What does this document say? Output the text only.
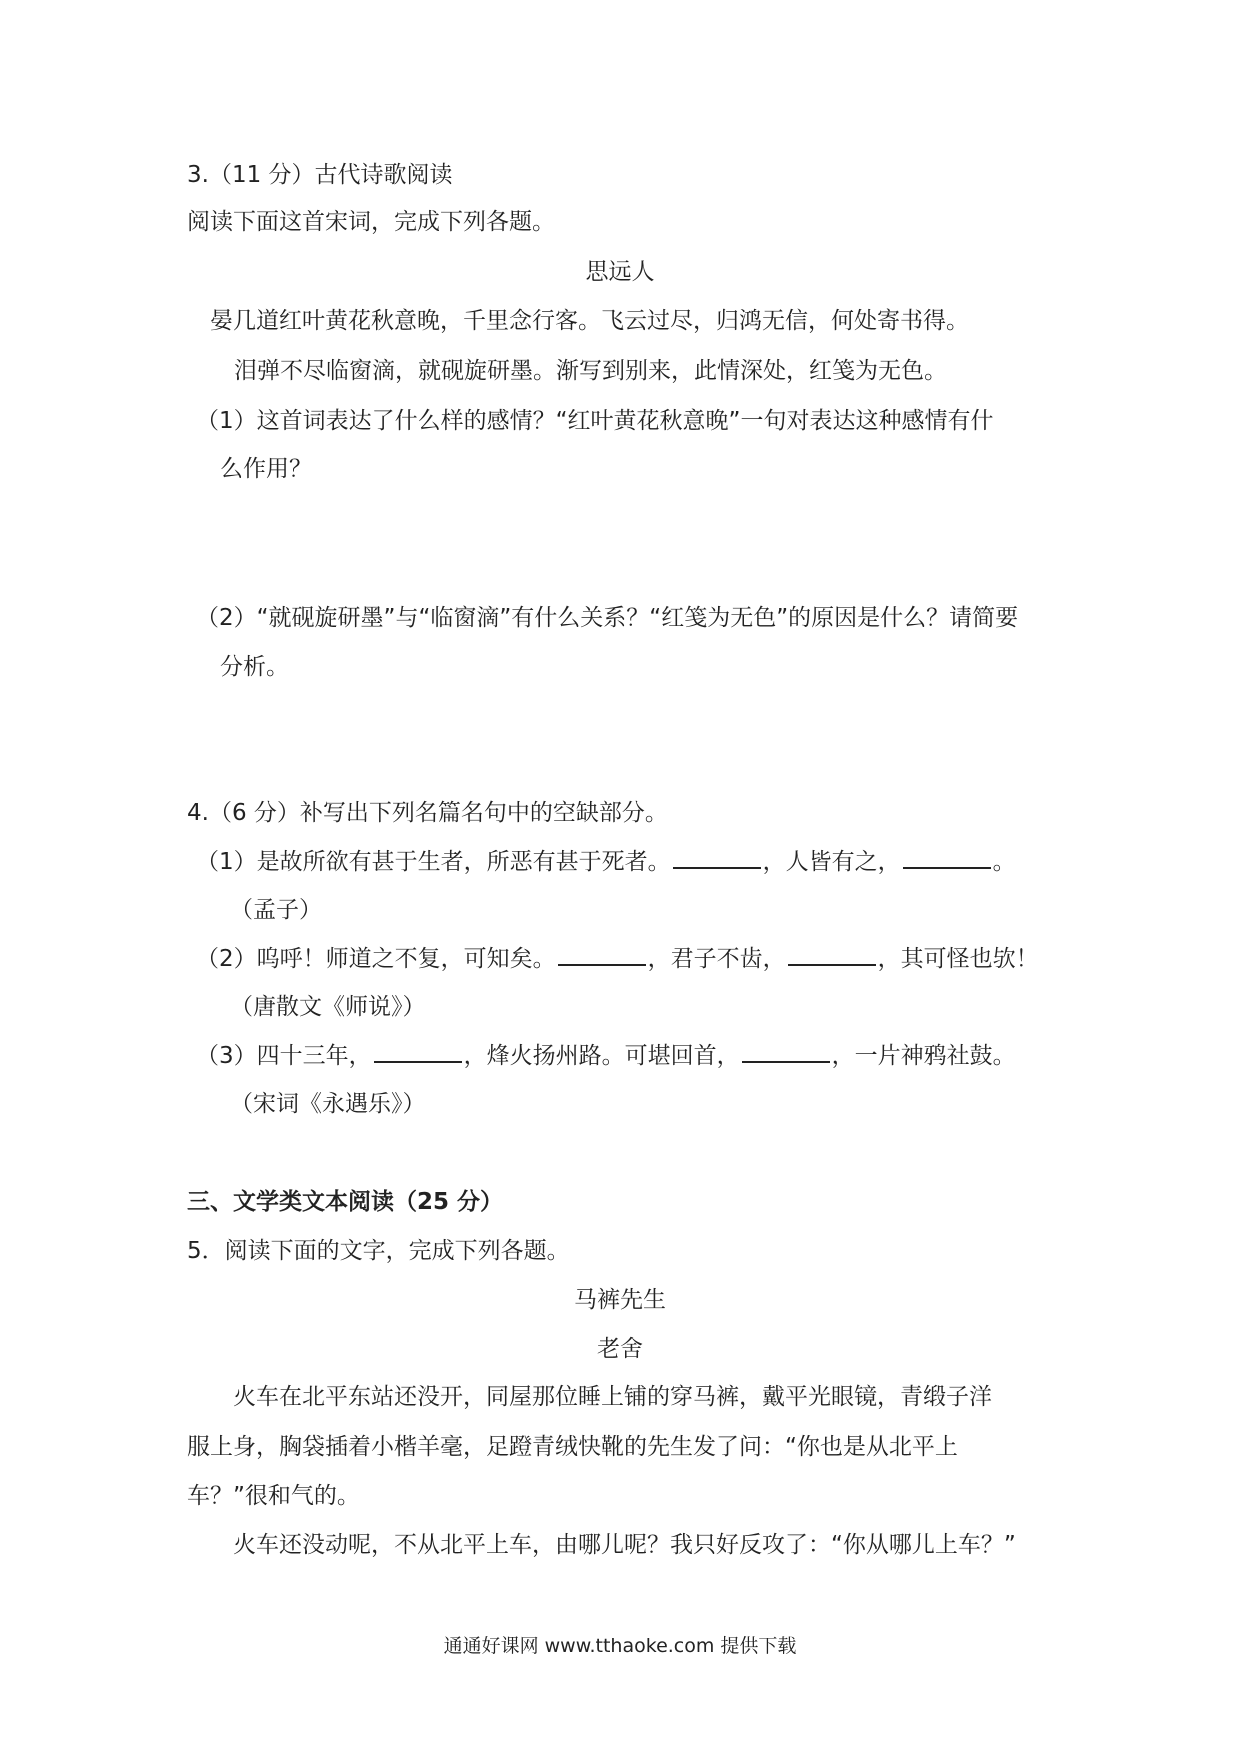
3.（11 分）古代诗歌阅读
阅读下面这首宋词，完成下列各题。
思远人
晏几道红叶黄花秋意晚，千里念行客。飞云过尽，归鸿无信，何处寄书得。
泪弹不尽临窗滴，就砚旋研墨。渐写到别来，此情深处，红笺为无色。
（1）这首词表达了什么样的感情？“红叶黄花秋意晚”一句对表达这种感情有什
么作用？
（2）“就砚旋研墨”与“临窗滴”有什么关系？“红笺为无色”的原因是什么？请简要
分析。
4.（6 分）补写出下列名篇名句中的空缺部分。
（1）是故所欲有甚于生者，所恶有甚于死者。	，人皆有之，	。
（孟子）
（2）呜呼！师道之不复，可知矣。	，君子不齿，	，其可怪也欤！
（唐散文《师说》）
（3）四十三年，	，烽火扬州路。可堪回首，	，一片神鸦社鼓。
（宋词《永遇乐》）
三、文学类文本阅读（25 分）
5．阅读下面的文字，完成下列各题。
马裤先生
老舍
火车在北平东站还没开，同屋那位睡上铺的穿马裤，戴平光眼镜，青缎子洋
服上身，胸袋插着小楷羊毫，足蹬青绒快靴的先生发了问：“你也是从北平上
车？”很和气的。
火车还没动呢，不从北平上车，由哪儿呢？我只好反攻了：“你从哪儿上车？”
通通好课网 www.tthaoke.com 提供下载
